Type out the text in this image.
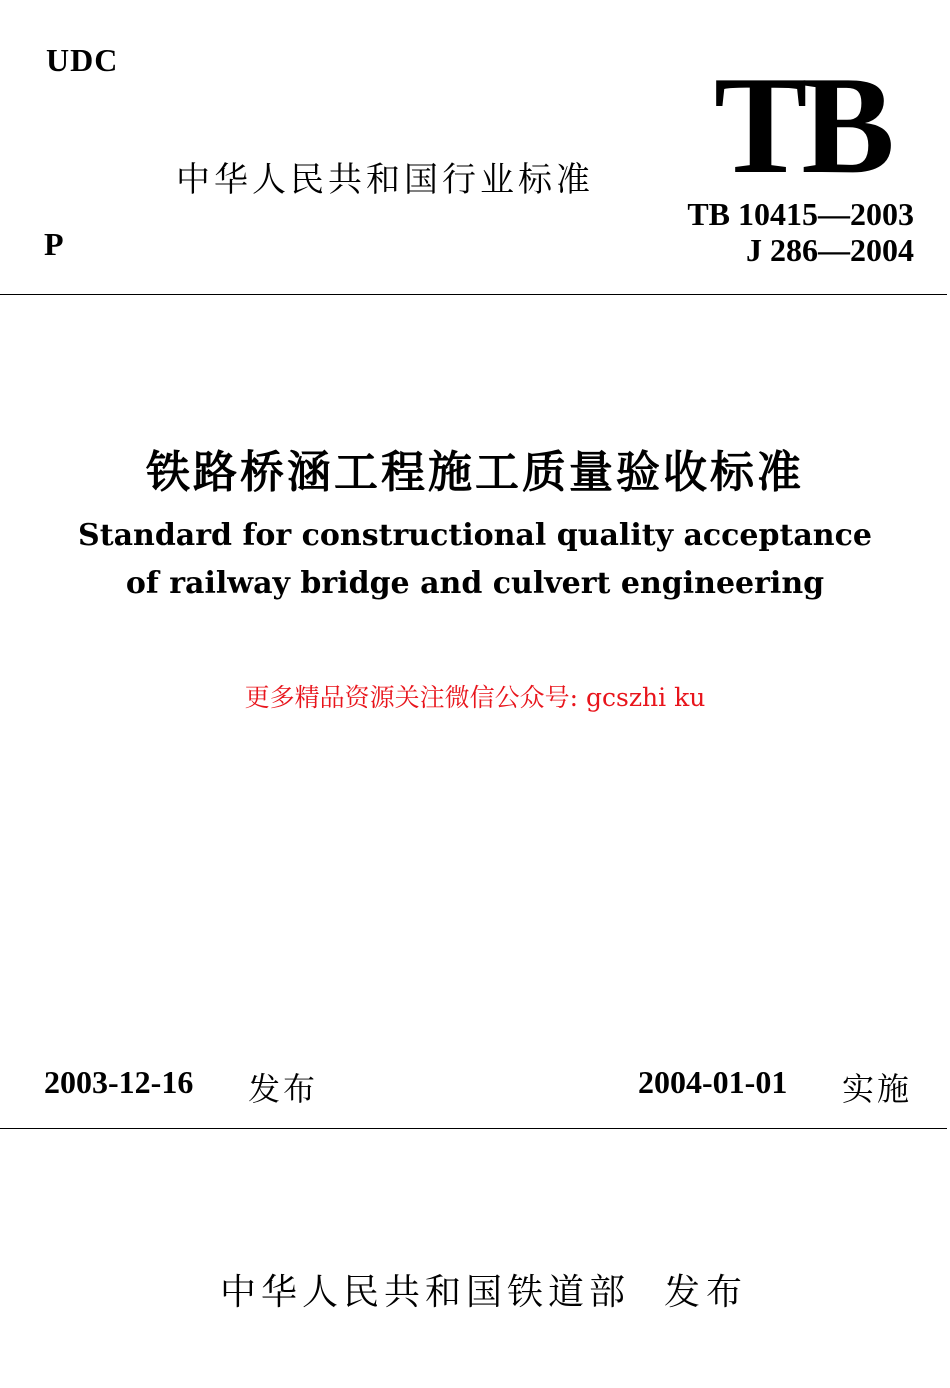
UDC
中华人民共和国行业标准 TB
TB 10415—2003
J 286—2004
P
铁路桥涵工程施工质量验收标准
Standard for constructional quality acceptance
of railway bridge and culvert engineering
更多精品资源关注微信公众号: gcszhi ku
2003-12-16 发布	2004-01-01 实施
中华人民共和国铁道部 发布
